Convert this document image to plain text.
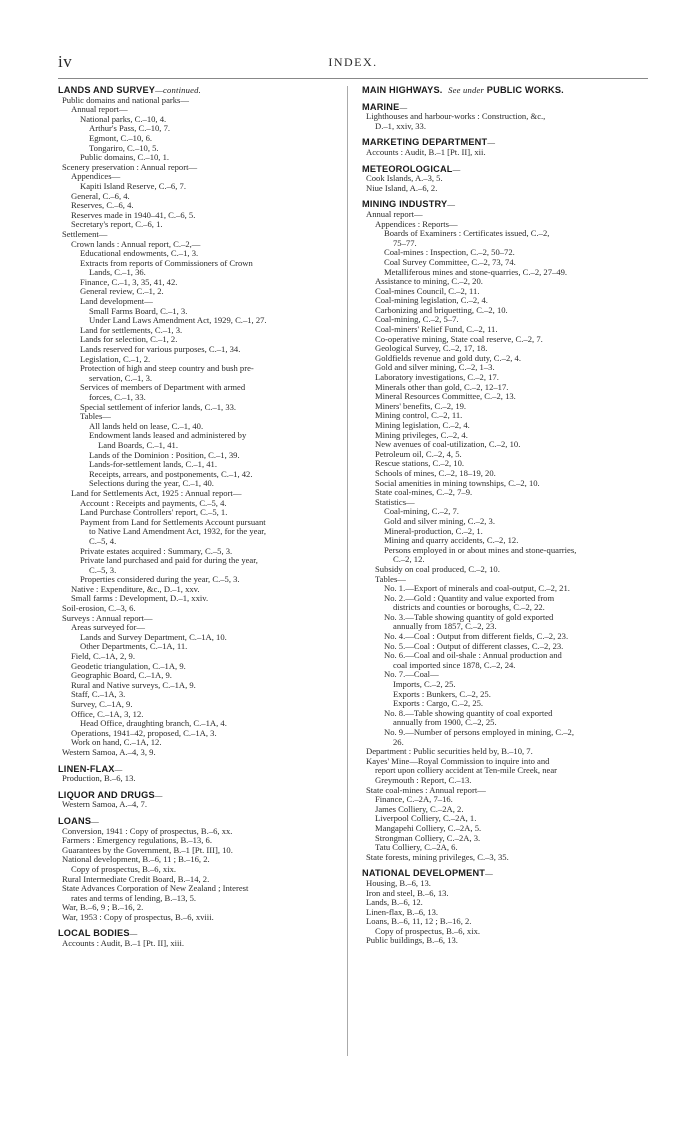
iv	INDEX.
LANDS AND SURVEY—continued.
Public domains and national parks—
Annual report—
National parks, C.–10, 4.
Arthur's Pass, C.–10, 7.
Egmont, C.–10, 6.
Tongariro, C.–10, 5.
Public domains, C.–10, 1.
Scenery preservation : Annual report—
Appendices—
Kapiti Island Reserve, C.–6, 7.
General, C.–6, 4.
Reserves, C.–6, 4.
Reserves made in 1940–41, C.–6, 5.
Secretary's report, C.–6, 1.
Settlement—
Crown lands : Annual report, C.–2,—
Educational endowments, C.–1, 3.
Extracts from reports of Commissioners of Crown
Lands, C.–1, 36.
Finance, C.–1, 3, 35, 41, 42.
General review, C.–1, 2.
Land development—
Small Farms Board, C.–1, 3.
Under Land Laws Amendment Act, 1929, C.–1, 27.
Land for settlements, C.–1, 3.
Lands for selection, C.–1, 2.
Lands reserved for various purposes, C.–1, 34.
Legislation, C.–1, 2.
Protection of high and steep country and bush pre-
servation, C.–1, 3.
Services of members of Department with armed
forces, C.–1, 33.
Special settlement of inferior lands, C.–1, 33.
Tables—
All lands held on lease, C.–1, 40.
Endowment lands leased and administered by
Land Boards, C.–1, 41.
Lands of the Dominion : Position, C.–1, 39.
Lands-for-settlement lands, C.–1, 41.
Receipts, arrears, and postponements, C.–1, 42.
Selections during the year, C.–1, 40.
Land for Settlements Act, 1925 : Annual report—
Account : Receipts and payments, C.–5, 4.
Land Purchase Controllers' report, C.–5, 1.
Payment from Land for Settlements Account pursuant
to Native Land Amendment Act, 1932, for the year,
C.–5, 4.
Private estates acquired : Summary, C.–5, 3.
Private land purchased and paid for during the year,
C.–5, 3.
Properties considered during the year, C.–5, 3.
Native : Expenditure, &c., D.–1, xxv.
Small farms : Development, D.–1, xxiv.
Soil-erosion, C.–3, 6.
Surveys : Annual report—
Areas surveyed for—
Lands and Survey Department, C.–1A, 10.
Other Departments, C.–1A, 11.
Field, C.–1A, 2, 9.
Geodetic triangulation, C.–1A, 9.
Geographic Board, C.–1A, 9.
Rural and Native surveys, C.–1A, 9.
Staff, C.–1A, 3.
Survey, C.–1A, 9.
Office, C.–1A, 3, 12.
Head Office, draughting branch, C.–1A, 4.
Operations, 1941–42, proposed, C.–1A, 3.
Work on hand, C.–1A, 12.
Western Samoa, A.–4, 3, 9.
LINEN-FLAX—
Production, B.–6, 13.
LIQUOR AND DRUGS—
Western Samoa, A.–4, 7.
LOANS—
Conversion, 1941 : Copy of prospectus, B.–6, xx.
Farmers : Emergency regulations, B.–13, 6.
Guarantees by the Government, B.–1 [Pt. III], 10.
National development, B.–6, 11 ; B.–16, 2.
Copy of prospectus, B.–6, xix.
Rural Intermediate Credit Board, B.–14, 2.
State Advances Corporation of New Zealand ; Interest
rates and terms of lending, B.–13, 5.
War, B.–6, 9 ; B.–16, 2.
War, 1953 : Copy of prospectus, B.–6, xviii.
LOCAL BODIES—
Accounts : Audit, B.–1 [Pt. II], xiii.
MAIN HIGHWAYS. See under PUBLIC WORKS.
MARINE—
Lighthouses and harbour-works : Construction, &c.,
D.–1, xxiv, 33.
MARKETING DEPARTMENT—
Accounts : Audit, B.–1 [Pt. II], xii.
METEOROLOGICAL—
Cook Islands, A.–3, 5.
Niue Island, A.–6, 2.
MINING INDUSTRY—
Annual report—
Appendices : Reports—
Boards of Examiners : Certificates issued, C.–2,
75–77.
Coal-mines : Inspection, C.–2, 50–72.
Coal Survey Committee, C.–2, 73, 74.
Metalliferous mines and stone-quarries, C.–2, 27–49.
Assistance to mining, C.–2, 20.
Coal-mines Council, C.–2, 11.
Coal-mining legislation, C.–2, 4.
Carbonizing and briquetting, C.–2, 10.
Coal-mining, C.–2, 5–7.
Coal-miners' Relief Fund, C.–2, 11.
Co-operative mining, State coal reserve, C.–2, 7.
Geological Survey, C.–2, 17, 18.
Goldfields revenue and gold duty, C.–2, 4.
Gold and silver mining, C.–2, 1–3.
Laboratory investigations, C.–2, 17.
Minerals other than gold, C.–2, 12–17.
Mineral Resources Committee, C.–2, 13.
Miners' benefits, C.–2, 19.
Mining control, C.–2, 11.
Mining legislation, C.–2, 4.
Mining privileges, C.–2, 4.
New avenues of coal-utilization, C.–2, 10.
Petroleum oil, C.–2, 4, 5.
Rescue stations, C.–2, 10.
Schools of mines, C.–2, 18–19, 20.
Social amenities in mining townships, C.–2, 10.
State coal-mines, C.–2, 7–9.
Statistics—
Coal-mining, C.–2, 7.
Gold and silver mining, C.–2, 3.
Mineral-production, C.–2, 1.
Mining and quarry accidents, C.–2, 12.
Persons employed in or about mines and stone-quarries,
C.–2, 12.
Subsidy on coal produced, C.–2, 10.
Tables—
No. 1.—Export of minerals and coal-output, C.–2, 21.
No. 2.—Gold : Quantity and value exported from
districts and counties or boroughs, C.–2, 22.
No. 3.—Table showing quantity of gold exported
annually from 1857, C.–2, 23.
No. 4.—Coal : Output from different fields, C.–2, 23.
No. 5.—Coal : Output of different classes, C.–2, 23.
No. 6.—Coal and oil-shale : Annual production and
coal imported since 1878, C.–2, 24.
No. 7.—Coal—
Imports, C.–2, 25.
Exports : Bunkers, C.–2, 25.
Exports : Cargo, C.–2, 25.
No. 8.—Table showing quantity of coal exported
annually from 1900, C.–2, 25.
No. 9.—Number of persons employed in mining, C.–2,
26.
Department : Public securities held by, B.–10, 7.
Kayes' Mine—Royal Commission to inquire into and
report upon colliery accident at Ten-mile Creek, near
Greymouth : Report, C.–13.
State coal-mines : Annual report—
Finance, C.–2A, 7–16.
James Colliery, C.–2A, 2.
Liverpool Colliery, C.–2A, 1.
Mangapehi Colliery, C.–2A, 5.
Strongman Colliery, C.–2A, 3.
Tatu Colliery, C.–2A, 6.
State forests, mining privileges, C.–3, 35.
NATIONAL DEVELOPMENT—
Housing, B.–6, 13.
Iron and steel, B.–6, 13.
Lands, B.–6, 12.
Linen-flax, B.–6, 13.
Loans, B.–6, 11, 12 ; B.–16, 2.
Copy of prospectus, B.–6, xix.
Public buildings, B.–6, 13.
